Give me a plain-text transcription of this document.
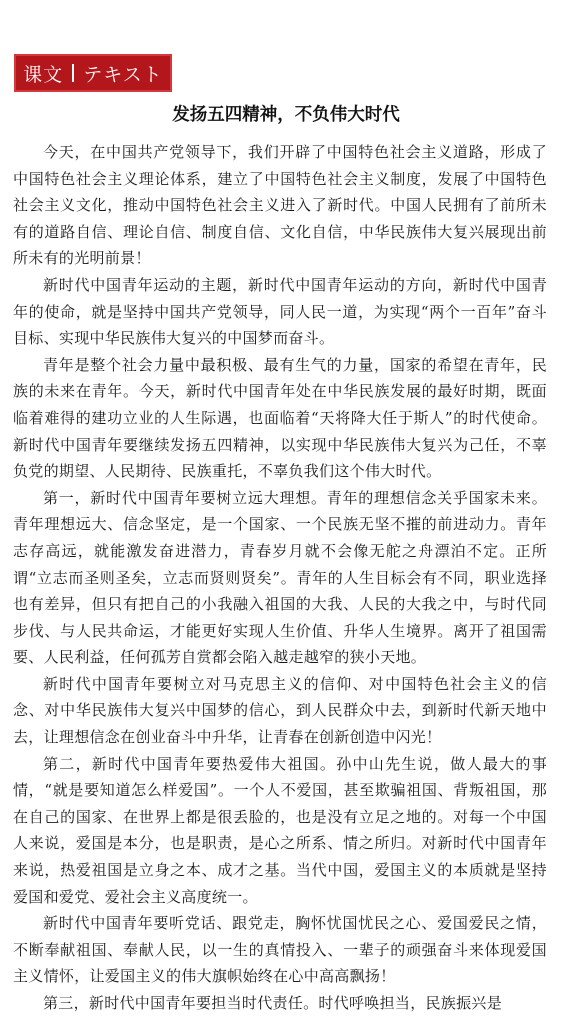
课文 テキスト
发扬五四精神，不负伟大时代

今天，在中国共产党领导下，我们开辟了中国特色社会主义道路，形成了中国特色社会主义理论体系，建立了中国特色社会主义制度，发展了中国特色社会主义文化，推动中国特色社会主义进入了新时代。中国人民拥有了前所未有的道路自信、理论自信、制度自信、文化自信，中华民族伟大复兴展现出前所未有的光明前景！

新时代中国青年运动的主题，新时代中国青年运动的方向，新时代中国青年的使命，就是坚持中国共产党领导，同人民一道，为实现“两个一百年”奋斗目标、实现中华民族伟大复兴的中国梦而奋斗。

青年是整个社会力量中最积极、最有生气的力量，国家的希望在青年，民族的未来在青年。今天，新时代中国青年处在中华民族发展的最好时期，既面临着难得的建功立业的人生际遇，也面临着“天将降大任于斯人”的时代使命。新时代中国青年要继续发扬五四精神，以实现中华民族伟大复兴为己任，不辜负党的期望、人民期待、民族重托，不辜负我们这个伟大时代。

第一，新时代中国青年要树立远大理想。青年的理想信念关乎国家未来。青年理想远大、信念坚定，是一个国家、一个民族无坚不摧的前进动力。青年志存高远，就能激发奋进潜力，青春岁月就不会像无舵之舟漂泊不定。正所谓“立志而圣则圣矣，立志而贤则贤矣”。青年的人生目标会有不同，职业选择也有差异，但只有把自己的小我融入祖国的大我、人民的大我之中，与时代同步伐、与人民共命运，才能更好实现人生价值、升华人生境界。离开了祖国需要、人民利益，任何孤芳自赏都会陷入越走越窄的狭小天地。

新时代中国青年要树立对马克思主义的信仰、对中国特色社会主义的信念、对中华民族伟大复兴中国梦的信心，到人民群众中去，到新时代新天地中去，让理想信念在创业奋斗中升华，让青春在创新创造中闪光！

第二，新时代中国青年要热爱伟大祖国。孙中山先生说，做人最大的事情，“就是要知道怎么样爱国”。一个人不爱国，甚至欺骗祖国、背叛祖国，那在自己的国家、在世界上都是很丢脸的，也是没有立足之地的。对每一个中国人来说，爱国是本分，也是职责，是心之所系、情之所归。对新时代中国青年来说，热爱祖国是立身之本、成才之基。当代中国，爱国主义的本质就是坚持爱国和爱党、爱社会主义高度统一。

新时代中国青年要听党话、跟党走，胸怀忧国忧民之心、爱国爱民之情，不断奉献祖国、奉献人民，以一生的真情投入、一辈子的顽强奋斗来体现爱国主义情怀，让爱国主义的伟大旗帜始终在心中高高飘扬！

第三，新时代中国青年要担当时代责任。时代呼唤担当，民族振兴是
